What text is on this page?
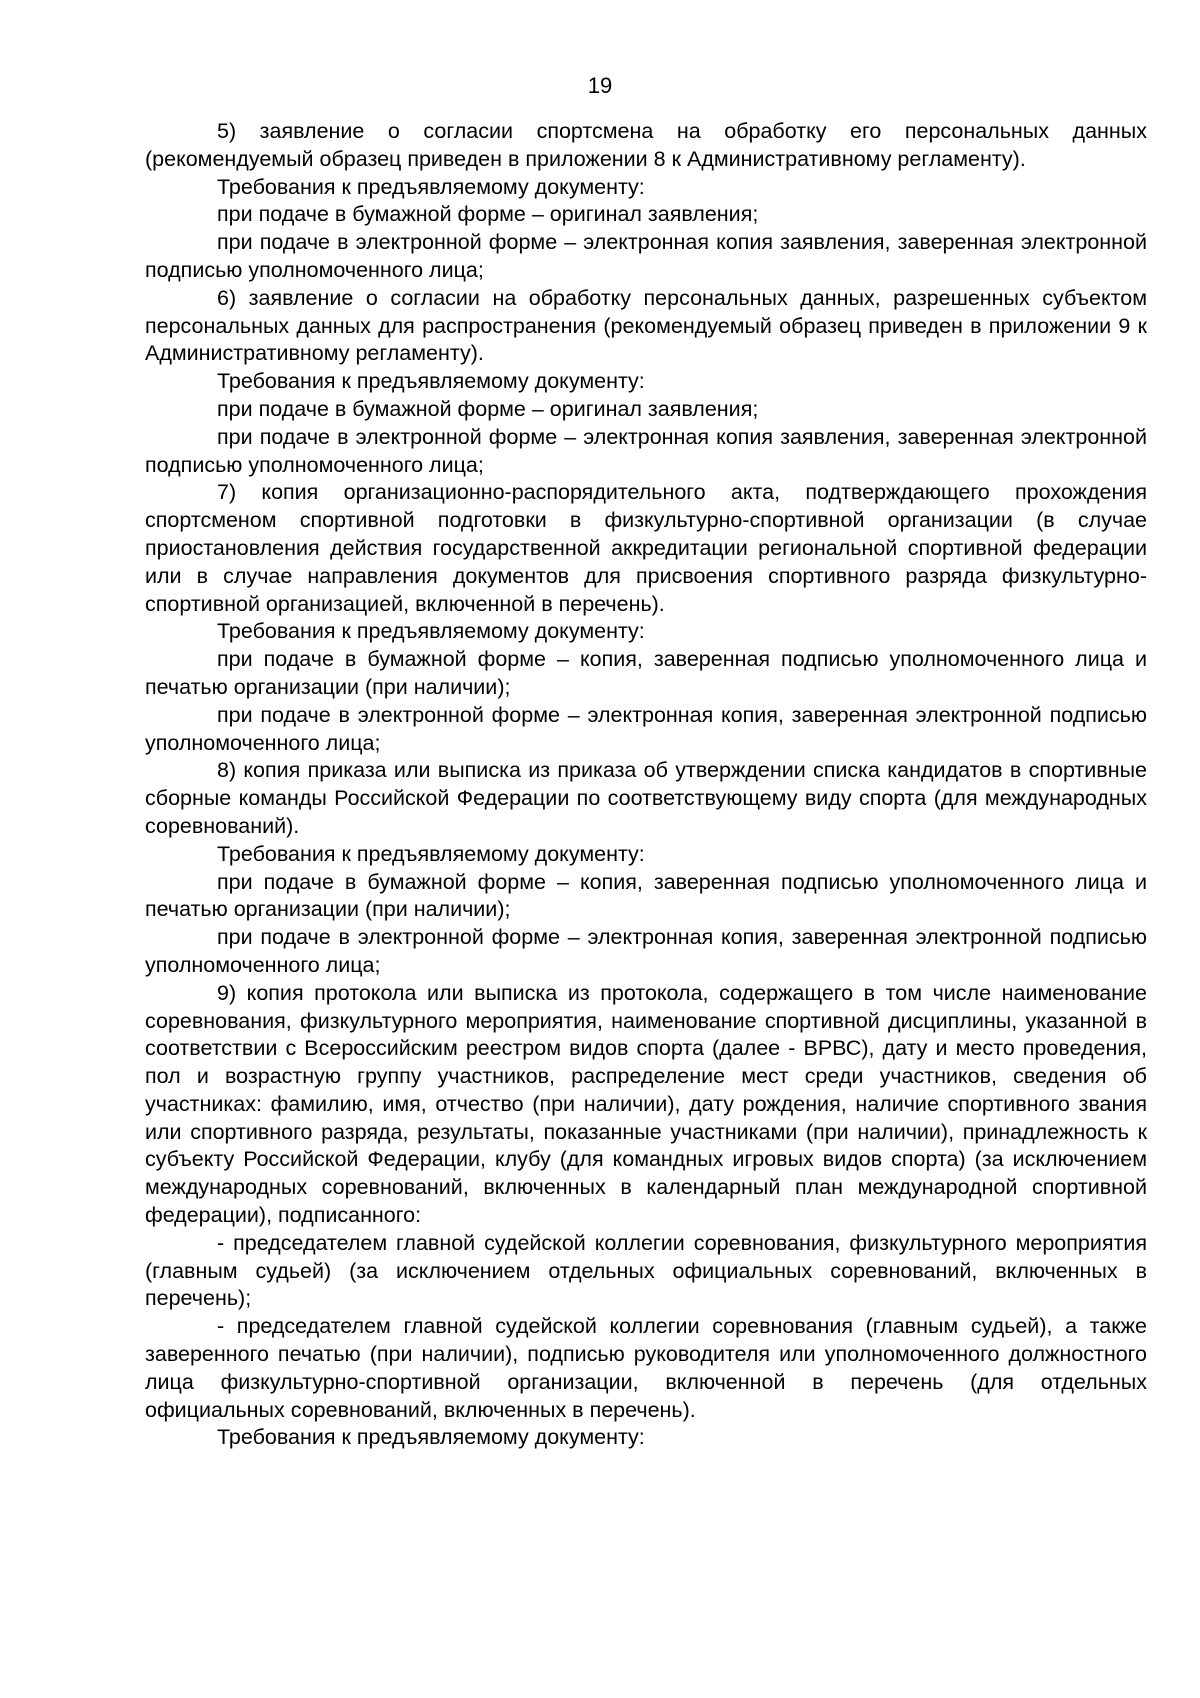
19

5) заявление о согласии спортсмена на обработку его персональных данных (рекомендуемый образец приведен в приложении 8 к Административному регламенту).

Требования к предъявляемому документу:

при подаче в бумажной форме – оригинал заявления;

при подаче в электронной форме – электронная копия заявления, заверенная электронной подписью уполномоченного лица;

6) заявление о согласии на обработку персональных данных, разрешенных субъектом персональных данных для распространения (рекомендуемый образец приведен в приложении 9 к Административному регламенту).

Требования к предъявляемому документу:

при подаче в бумажной форме – оригинал заявления;

при подаче в электронной форме – электронная копия заявления, заверенная электронной подписью уполномоченного лица;

7) копия организационно-распорядительного акта, подтверждающего прохождения спортсменом спортивной подготовки в физкультурно-спортивной организации (в случае приостановления действия государственной аккредитации региональной спортивной федерации или в случае направления документов для присвоения спортивного разряда физкультурно-спортивной организацией, включенной в перечень).

Требования к предъявляемому документу:

при подаче в бумажной форме – копия, заверенная подписью уполномоченного лица и печатью организации (при наличии);

при подаче в электронной форме – электронная копия, заверенная электронной подписью уполномоченного лица;

8) копия приказа или выписка из приказа об утверждении списка кандидатов в спортивные сборные команды Российской Федерации по соответствующему виду спорта (для международных соревнований).

Требования к предъявляемому документу:

при подаче в бумажной форме – копия, заверенная подписью уполномоченного лица и печатью организации (при наличии);

при подаче в электронной форме – электронная копия, заверенная электронной подписью уполномоченного лица;

9) копия протокола или выписка из протокола, содержащего в том числе наименование соревнования, физкультурного мероприятия, наименование спортивной дисциплины, указанной в соответствии с Всероссийским реестром видов спорта (далее - ВРВС), дату и место проведения, пол и возрастную группу участников, распределение мест среди участников, сведения об участниках: фамилию, имя, отчество (при наличии), дату рождения, наличие спортивного звания или спортивного разряда, результаты, показанные участниками (при наличии), принадлежность к субъекту Российской Федерации, клубу (для командных игровых видов спорта) (за исключением международных соревнований, включенных в календарный план международной спортивной федерации), подписанного:

- председателем главной судейской коллегии соревнования, физкультурного мероприятия (главным судьей) (за исключением отдельных официальных соревнований, включенных в перечень);

- председателем главной судейской коллегии соревнования (главным судьей), а также заверенного печатью (при наличии), подписью руководителя или уполномоченного должностного лица физкультурно-спортивной организации, включенной в перечень (для отдельных официальных соревнований, включенных в перечень).

Требования к предъявляемому документу:
